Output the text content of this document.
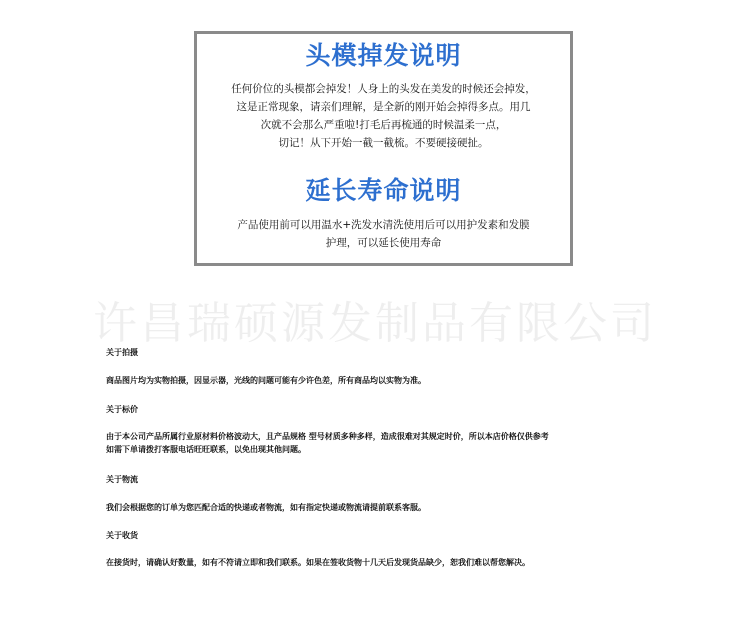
头模掉发说明
任何价位的头模都会掉发！人身上的头发在美发的时候还会掉发，
这是正常现象，请亲们理解，是全新的刚开始会掉得多点。用几
次就不会那么严重啦!打毛后再梳通的时候温柔一点，
切记！从下开始一截一截梳。不要硬接硬扯。
延长寿命说明
产品使用前可以用温水+洗发水清洗使用后可以用护发素和发膜
护理，可以延长使用寿命
许昌瑞硕源发制品有限公司
关于拍摄
商品图片均为实物拍摄，因显示器，光线的问题可能有少许色差，所有商品均以实物为准。
关于标价
由于本公司产品所属行业原材料价格波动大，且产品规格 型号材质多种多样，造成很难对其规定时价，所以本店价格仅供参考
如需下单请拨打客服电话旺旺联系，以免出现其他问题。
关于物流
我们会根据您的订单为您匹配合适的快递或者物流，如有指定快递或物流请提前联系客服。
关于收货
在接货时，请确认好数量，如有不符请立即和我们联系。如果在签收货物十几天后发现货品缺少，恕我们难以帮您解决。
